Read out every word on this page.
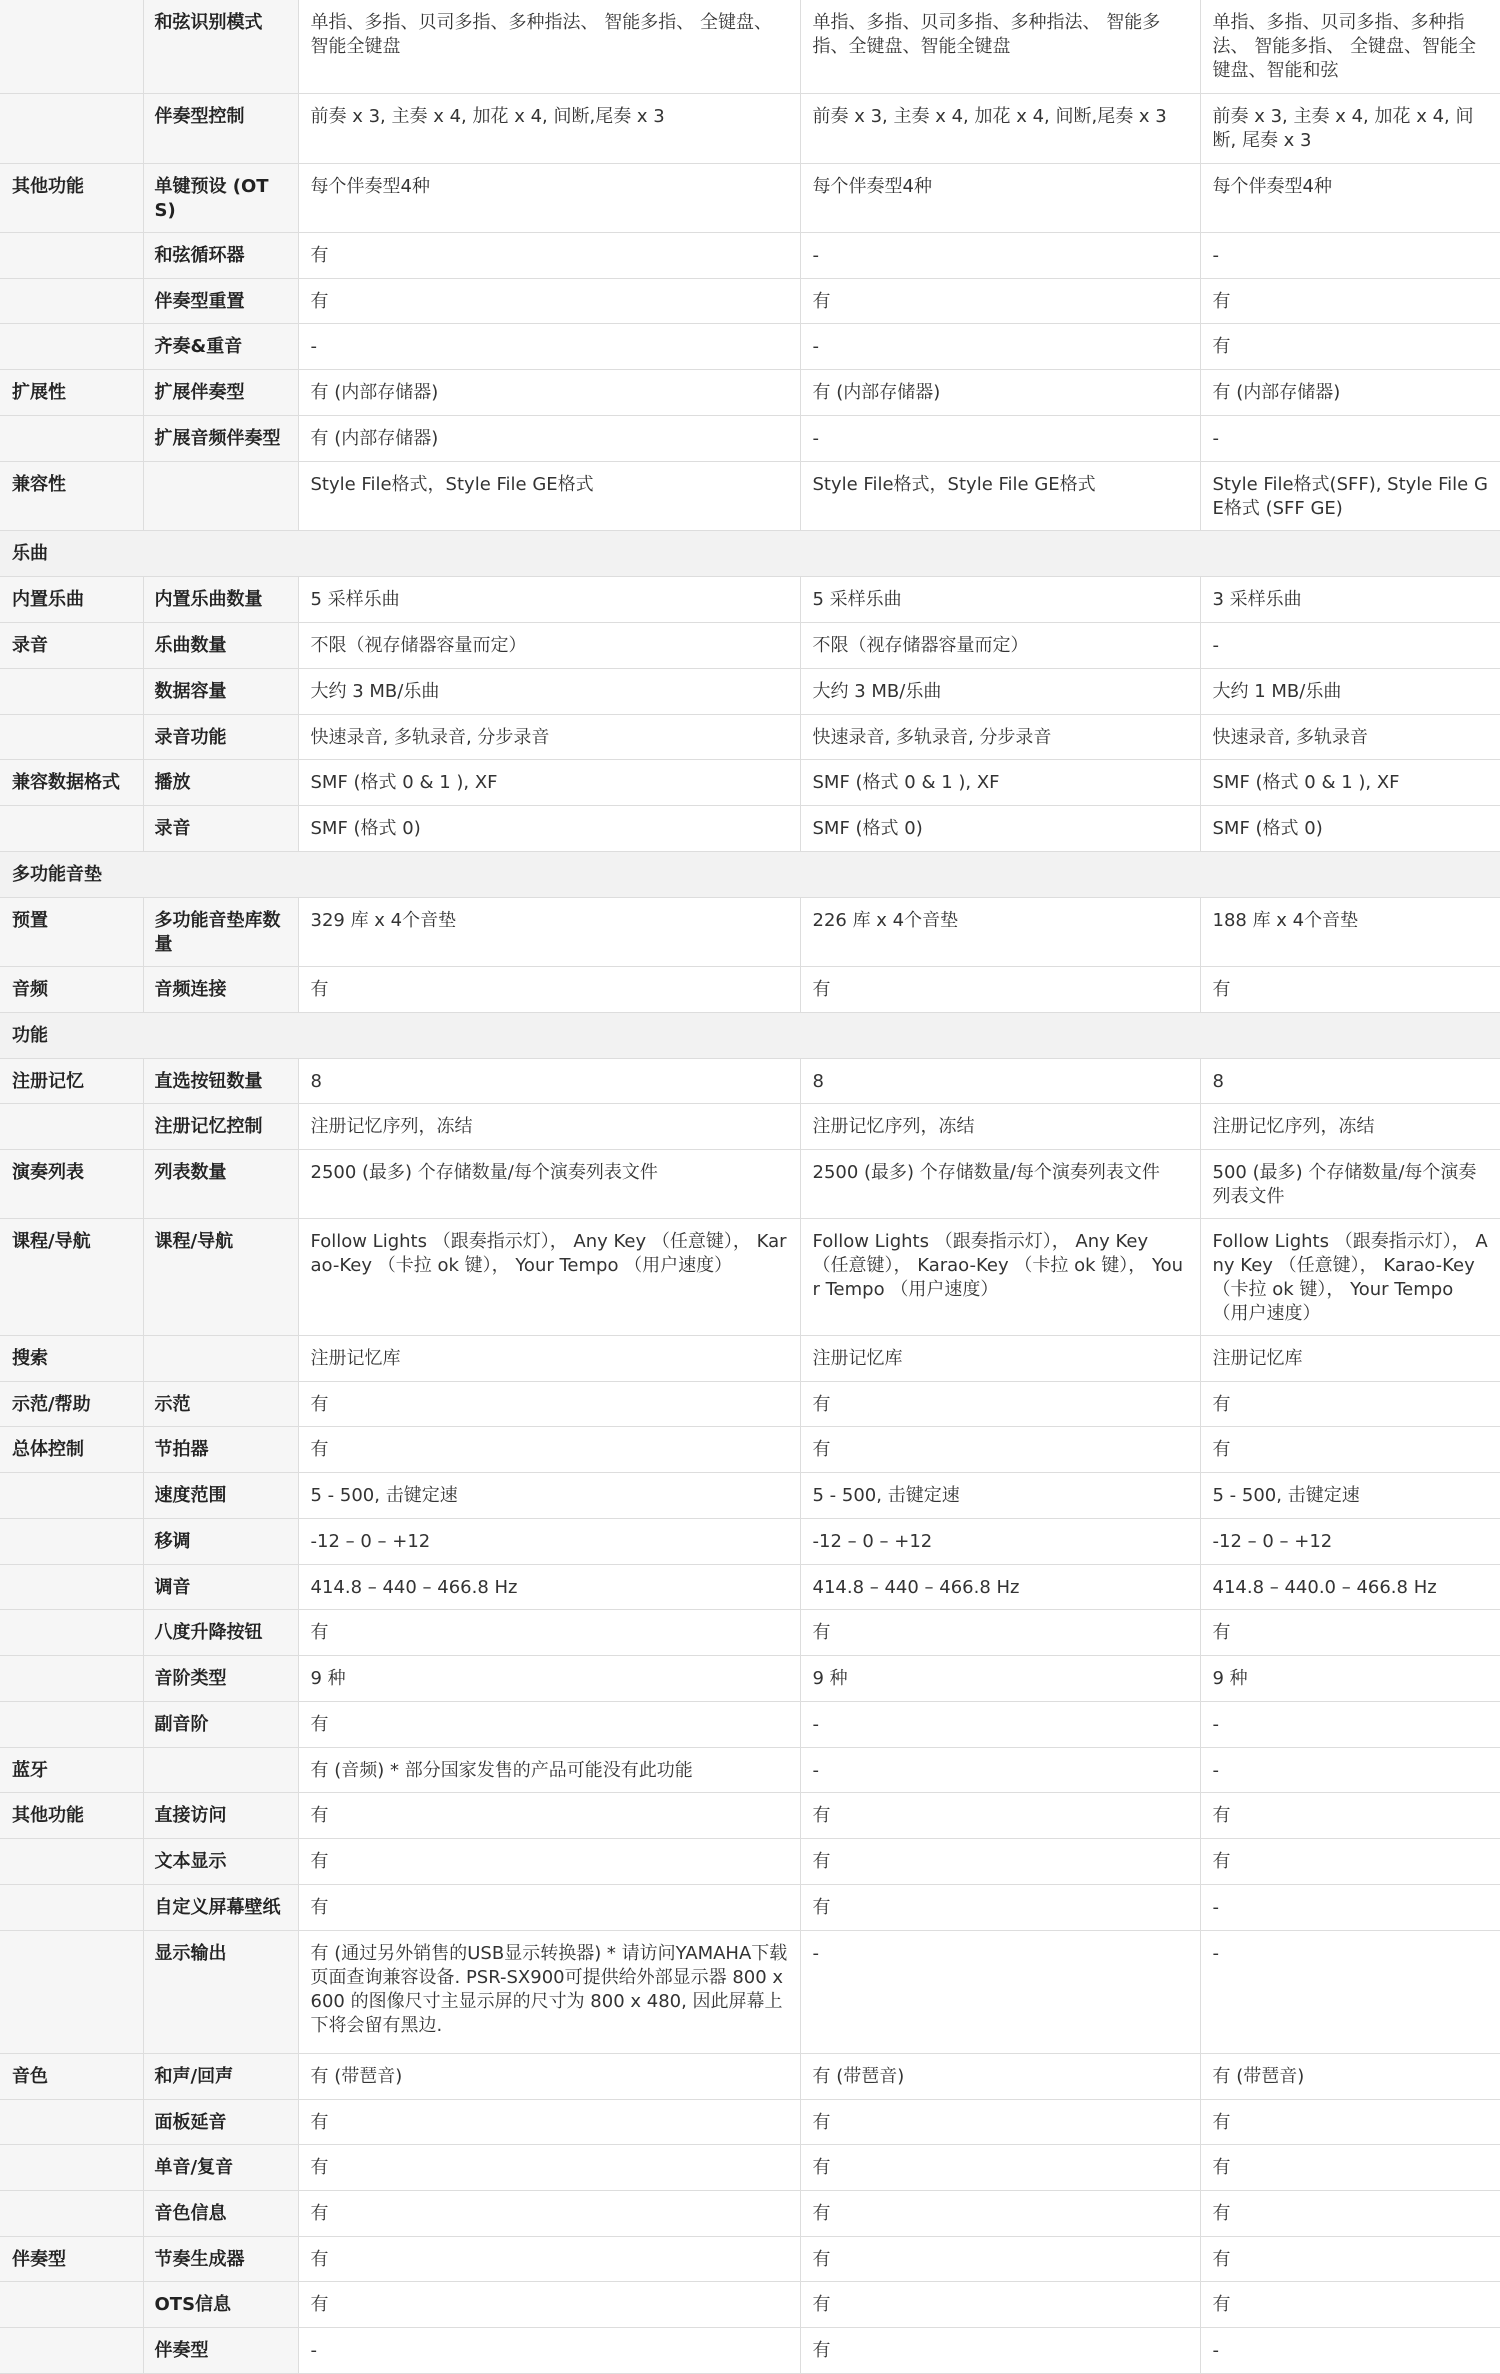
	和弦识别模式	单指、多指、贝司多指、多种指法、 智能多指、 全键盘、智能全键盘	单指、多指、贝司多指、多种指法、 智能多指、全键盘、智能全键盘	单指、多指、贝司多指、多种指法、 智能多指、 全键盘、智能全键盘、智能和弦
	伴奏型控制	前奏 x 3, 主奏 x 4, 加花 x 4, 间断,尾奏 x 3	前奏 x 3, 主奏 x 4, 加花 x 4, 间断,尾奏 x 3	前奏 x 3, 主奏 x 4, 加花 x 4, 间断, 尾奏 x 3
其他功能	单键预设 (OTS)	每个伴奏型4种	每个伴奏型4种	每个伴奏型4种
	和弦循环器	有	-	-
	伴奏型重置	有	有	有
	齐奏&重音	-	-	有
扩展性	扩展伴奏型	有 (内部存储器)	有 (内部存储器)	有 (内部存储器)
	扩展音频伴奏型	有 (内部存储器)	-	-
兼容性		Style File格式，Style File GE格式	Style File格式，Style File GE格式	Style File格式(SFF), Style File GE格式 (SFF GE)
乐曲				
内置乐曲	内置乐曲数量	5 采样乐曲	5 采样乐曲	3 采样乐曲
录音	乐曲数量	不限（视存储器容量而定）	不限（视存储器容量而定）	-
	数据容量	大约 3 MB/乐曲	大约 3 MB/乐曲	大约 1 MB/乐曲
	录音功能	快速录音, 多轨录音, 分步录音	快速录音, 多轨录音, 分步录音	快速录音, 多轨录音
兼容数据格式	播放	SMF (格式 0 & 1 ), XF	SMF (格式 0 & 1 ), XF	SMF (格式 0 & 1 ), XF
	录音	SMF (格式 0)	SMF (格式 0)	SMF (格式 0)
多功能音垫				
预置	多功能音垫库数量	329 库 x 4个音垫	226 库 x 4个音垫	188 库 x 4个音垫
音频	音频连接	有	有	有
功能				
注册记忆	直选按钮数量	8	8	8
	注册记忆控制	注册记忆序列，冻结	注册记忆序列，冻结	注册记忆序列，冻结
演奏列表	列表数量	2500 (最多) 个存储数量/每个演奏列表文件	2500 (最多) 个存储数量/每个演奏列表文件	500 (最多) 个存储数量/每个演奏列表文件
课程/导航	课程/导航	Follow Lights （跟奏指示灯）， Any Key （任意键）， Karao-Key （卡拉 ok 键）， Your Tempo （用户速度）	Follow Lights （跟奏指示灯）， Any Key （任意键）， Karao-Key （卡拉 ok 键）， Your Tempo （用户速度）	Follow Lights （跟奏指示灯）， Any Key （任意键）， Karao-Key （卡拉 ok 键）， Your Tempo （用户速度）
搜索		注册记忆库	注册记忆库	注册记忆库
示范/帮助	示范	有	有	有
总体控制	节拍器	有	有	有
	速度范围	5 - 500, 击键定速	5 - 500, 击键定速	5 - 500, 击键定速
	移调	-12 – 0 – +12	-12 – 0 – +12	-12 – 0 – +12
	调音	414.8 – 440 – 466.8 Hz	414.8 – 440 – 466.8 Hz	414.8 – 440.0 – 466.8 Hz
	八度升降按钮	有	有	有
	音阶类型	9 种	9 种	9 种
	副音阶	有	-	-
蓝牙		有 (音频) * 部分国家发售的产品可能没有此功能	-	-
其他功能	直接访问	有	有	有
	文本显示	有	有	有
	自定义屏幕壁纸	有	有	-
	显示输出	有 (通过另外销售的USB显示转换器) * 请访问YAMAHA下载页面查询兼容设备. PSR-SX900可提供给外部显示器 800 x 600 的图像尺寸主显示屏的尺寸为 800 x 480, 因此屏幕上下将会留有黑边.	-	-
音色	和声/回声	有 (带琶音)	有 (带琶音)	有 (带琶音)
	面板延音	有	有	有
	单音/复音	有	有	有
	音色信息	有	有	有
伴奏型	节奏生成器	有	有	有
	OTS信息	有	有	有
	伴奏型	-	有	-
